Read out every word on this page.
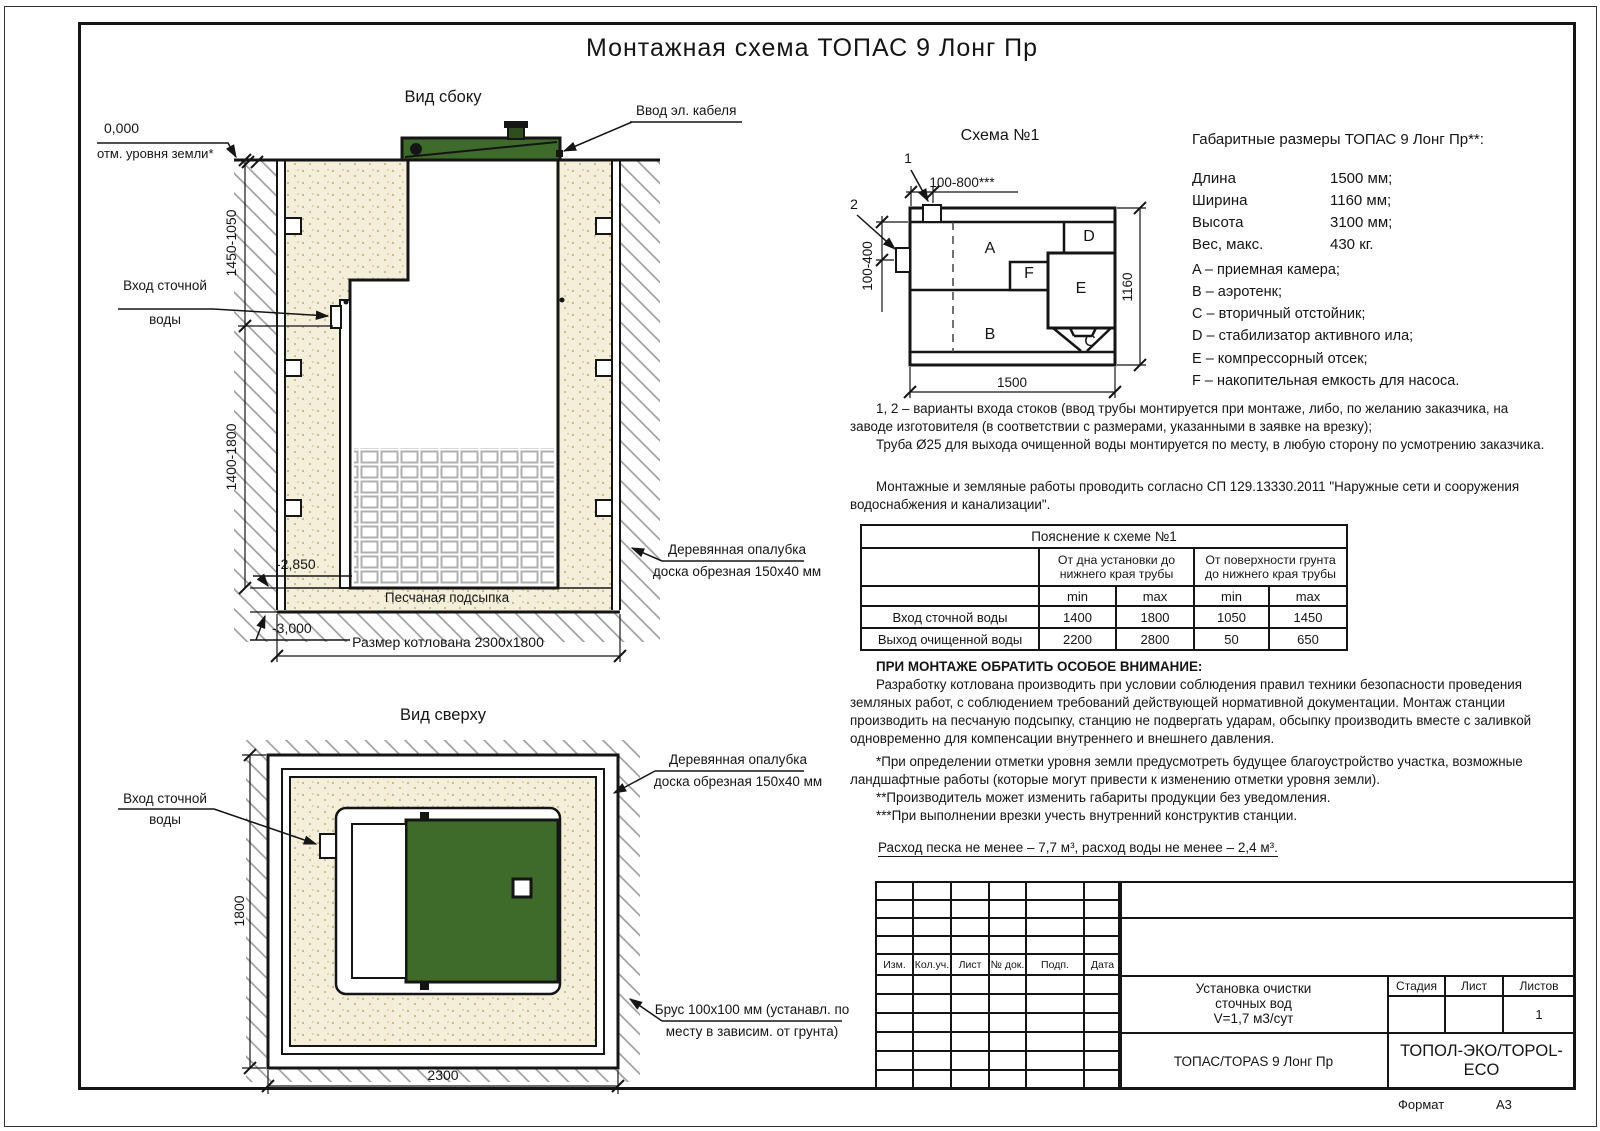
Монтажная схема ТОПАС 9 Лонг Пр
Вид сбоку
0,000
отм. уровня земли*
1450-1050
1400-1800
Вход сточной
воды
-2,850
-3,000
Песчаная подсыпка
Размер котлована 2300х1800
Ввод эл. кабеля
Деревянная опалубка
доска обрезная 150х40 мм
Вид сверху
1800
2300
Вход сточной
воды
Деревянная опалубка
доска обрезная 150х40 мм
Брус 100х100 мм (устанавл. по
месту в зависим. от грунта)
Схема №1
A
B	C
D
E
F
1
2
100-800***
100-400
1500
1160
Габаритные размеры ТОПАС 9 Лонг Пр**:
Длина	1500 мм;
Ширина	1160 мм;
Высота	3100 мм;
Вес, макс.	430 кг.
A – приемная камера;
B – аэротенк;
C – вторичный отстойник;
D – стабилизатор активного ила;
E – компрессорный отсек;
F – накопительная емкость для насоса.

1, 2 – варианты входа стоков (ввод трубы монтируется при монтаже, либо, по желанию заказчика, на заводе изготовителя (в соответствии с размерами, указанными в заявке на врезку);

Труба Ø25 для выхода очищенной воды монтируется по месту, в любую сторону по усмотрению заказчика.

Монтажные и земляные работы проводить согласно СП 129.13330.2011 "Наружные сети и сооружения водоснабжения и канализации".

Пояснение к схеме №1				
	От дна установки до нижнего края трубы		От поверхности грунта до нижнего края трубы	
	min	max	min	max
Вход сточной воды	1400	1800	1050	1450
Выход очищенной воды	2200	2800	50	650
ПРИ МОНТАЖЕ ОБРАТИТЬ ОСОБОЕ ВНИМАНИЕ:

Разработку котлована производить при условии соблюдения правил техники безопасности проведения земляных работ, с соблюдением требований действующей нормативной документации. Монтаж станции производить на песчаную подсыпку, станцию не подвергать ударам, обсыпку производить вместе с заливкой одновременно для компенсации внутреннего и внешнего давления.

*При определении отметки уровня земли предусмотреть будущее благоустройство участка, возможные ландшафтные работы (которые могут привести к изменению отметки уровня земли).

**Производитель может изменить габариты продукции без уведомления.

***При выполнении врезки учесть внутренний конструктив станции.

Расход песка не менее – 7,7 м³, расход воды не менее – 2,4 м³.

Изм.	Кол.уч.	Лист	№ док.	Подп.	Дата

Установка очистки
сточных вод
V=1,7 м3/сут
Стадия	Лист	Листов
1
ТОПАС/TOPAS 9 Лонг Пр
ТОПОЛ-ЭКО/TOPOL-ECO
Формат	А3
